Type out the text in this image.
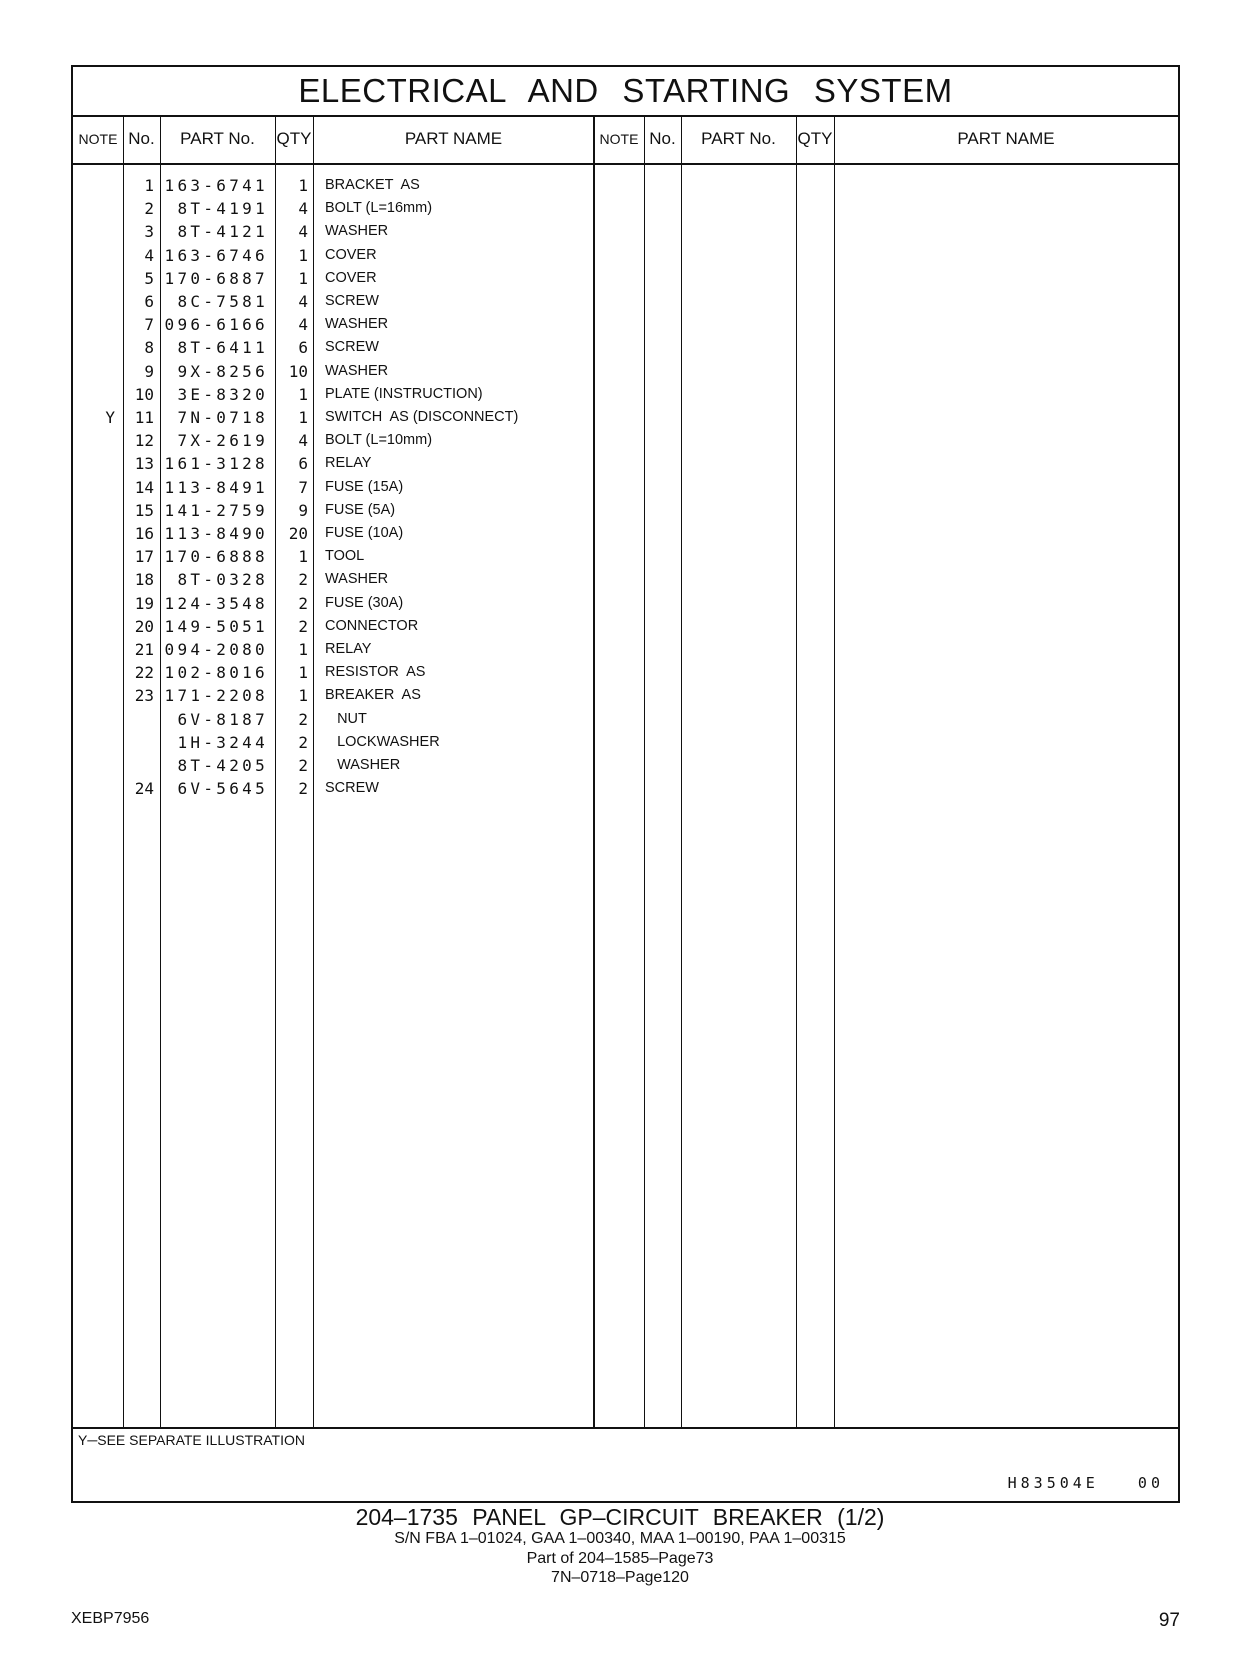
ELECTRICAL AND STARTING SYSTEM
NOTE No.	PART No.	QTY	PART NAME	NOTE No.	PART No.	QTY	PART NAME
1 163-6741	1 BRACKET  AS
2	8T-4191	4 BOLT (L=16mm)
3	8T-4121	4 WASHER
4 163-6746	1 COVER
5 170-6887	1 COVER
6	8C-7581	4 SCREW
7 096-6166	4 WASHER
8	8T-6411	6 SCREW
9	9X-8256	10 WASHER
10	3E-8320	1 PLATE (INSTRUCTION)
Y	11	7N-0718	1 SWITCH  AS (DISCONNECT)
12	7X-2619	4 BOLT (L=10mm)
13 161-3128	6 RELAY
14 113-8491	7 FUSE (15A)
15 141-2759	9 FUSE (5A)
16 113-8490	20 FUSE (10A)
17 170-6888	1 TOOL
18	8T-0328	2 WASHER
19 124-3548	2 FUSE (30A)
20 149-5051	2 CONNECTOR
21 094-2080	1 RELAY
22 102-8016	1 RESISTOR  AS
23 171-2208	1 BREAKER  AS
6V-8187	2 NUT
1H-3244	2 LOCKWASHER
8T-4205	2 WASHER
24	6V-5645	2 SCREW
Y─SEE SEPARATE ILLUSTRATION
H83504E   00
204–1735 PANEL GP–CIRCUIT BREAKER (1/2)
S/N FBA 1–01024, GAA 1–00340, MAA 1–00190, PAA 1–00315
Part of 204–1585–Page73
7N–0718–Page120
XEBP7956	97
